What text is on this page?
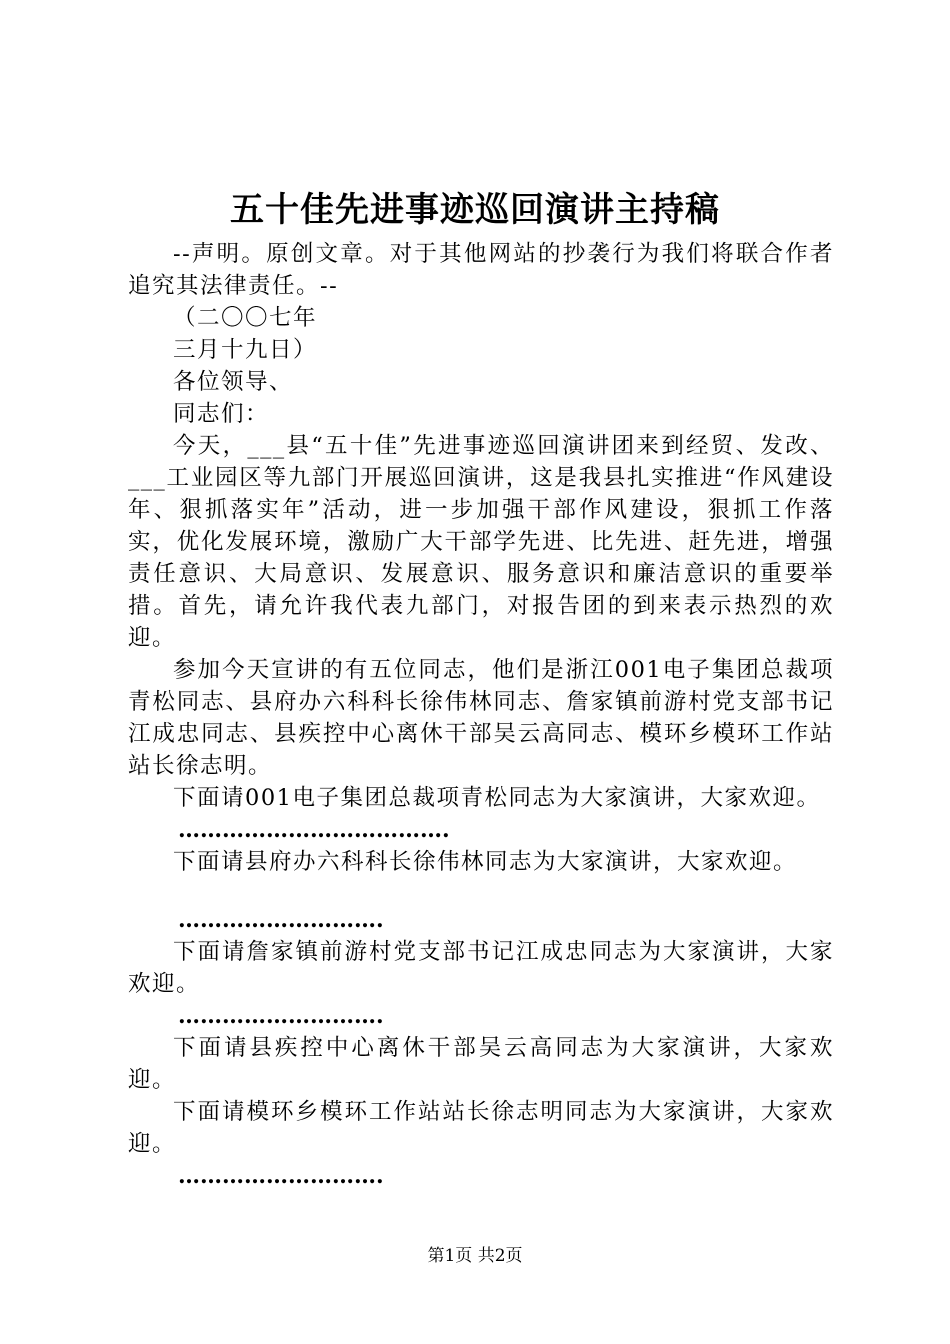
五十佳先进事迹巡回演讲主持稿

--声明。原创文章。对于其他网站的抄袭行为我们将联合作者追究其法律责任。--

（二〇〇七年

三月十九日）

各位领导、

同志们：

今天，___县“五十佳”先进事迹巡回演讲团来到经贸、发改、___工业园区等九部门开展巡回演讲，这是我县扎实推进“作风建设年、狠抓落实年”活动，进一步加强干部作风建设，狠抓工作落实，优化发展环境，激励广大干部学先进、比先进、赶先进，增强责任意识、大局意识、发展意识、服务意识和廉洁意识的重要举措。首先，请允许我代表九部门，对报告团的到来表示热烈的欢迎。

参加今天宣讲的有五位同志，他们是浙江001电子集团总裁项青松同志、县府办六科科长徐伟林同志、詹家镇前游村党支部书记江成忠同志、县疾控中心离休干部吴云高同志、模环乡模环工作站站长徐志明。

下面请001电子集团总裁项青松同志为大家演讲，大家欢迎。

……………………………….

下面请县府办六科科长徐伟林同志为大家演讲，大家欢迎。

……………………….

下面请詹家镇前游村党支部书记江成忠同志为大家演讲，大家欢迎。

……………………….

下面请县疾控中心离休干部吴云高同志为大家演讲，大家欢迎。

下面请模环乡模环工作站站长徐志明同志为大家演讲，大家欢迎。

……………………….

第1页 共2页
